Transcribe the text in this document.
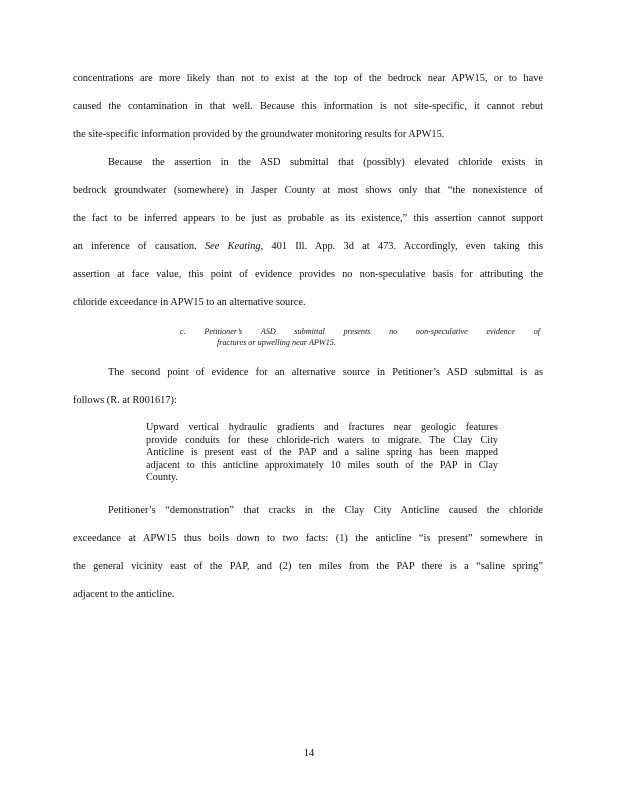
concentrations are more likely than not to exist at the top of the bedrock near APW15, or to have
caused the contamination in that well. Because this information is not site-specific, it cannot rebut
the site-specific information provided by the groundwater monitoring results for APW15.
Because the assertion in the ASD submittal that (possibly) elevated chloride exists in
bedrock groundwater (somewhere) in Jasper County at most shows only that “the nonexistence of
the fact to be inferred appears to be just as probable as its existence,” this assertion cannot support
an inference of causation. See Keating, 401 Ill. App. 3d at 473. Accordingly, even taking this
assertion at face value, this point of evidence provides no non-speculative basis for attributing the
chloride exceedance in APW15 to an alternative source.
c. Petitioner’s ASD submittal presents no non-speculative evidence of
fractures or upwelling near APW15.
The second point of evidence for an alternative source in Petitioner’s ASD submittal is as
follows (R. at R001617):
Upward vertical hydraulic gradients and fractures near geologic features
provide conduits for these chloride-rich waters to migrate. The Clay City
Anticline is present east of the PAP and a saline spring has been mapped
adjacent to this anticline approximately 10 miles south of the PAP in Clay
County.
Petitioner’s “demonstration” that cracks in the Clay City Anticline caused the chloride
exceedance at APW15 thus boils down to two facts: (1) the anticline “is present” somewhere in
the general vicinity east of the PAP, and (2) ten miles from the PAP there is a “saline spring”
adjacent to the anticline.
14
